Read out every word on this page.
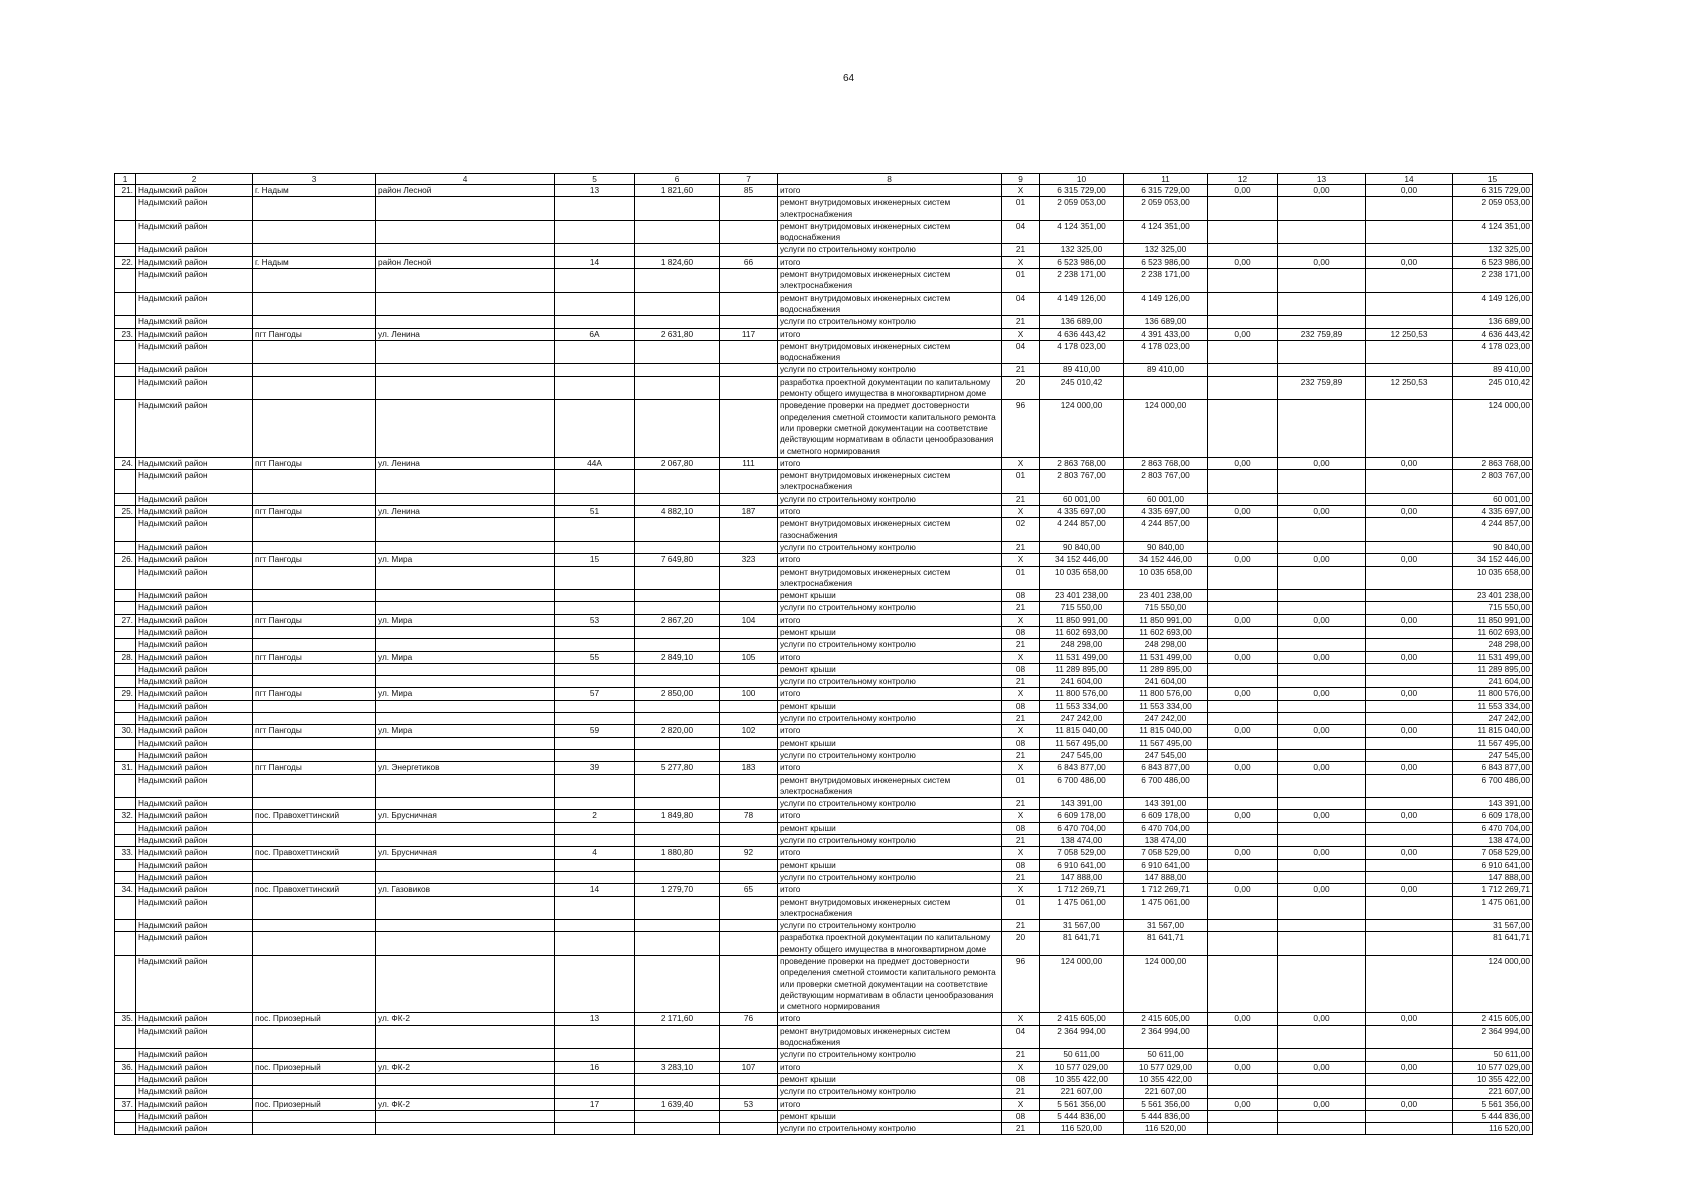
64
1	2	3	4	5	6	7	8	9	10	11	12	13	14	15
21.	Надымский район	г. Надым	район Лесной	13	1 821,60	85	итого	X	6 315 729,00	6 315 729,00	0,00	0,00	0,00	6 315 729,00
	Надымский район						ремонт внутридомовых инженерных систем электроснабжения	01	2 059 053,00	2 059 053,00				2 059 053,00
	Надымский район						ремонт внутридомовых инженерных систем водоснабжения	04	4 124 351,00	4 124 351,00				4 124 351,00
	Надымский район						услуги по строительному контролю	21	132 325,00	132 325,00				132 325,00
22.	Надымский район	г. Надым	район Лесной	14	1 824,60	66	итого	X	6 523 986,00	6 523 986,00	0,00	0,00	0,00	6 523 986,00
	Надымский район						ремонт внутридомовых инженерных систем электроснабжения	01	2 238 171,00	2 238 171,00				2 238 171,00
	Надымский район						ремонт внутридомовых инженерных систем водоснабжения	04	4 149 126,00	4 149 126,00				4 149 126,00
	Надымский район						услуги по строительному контролю	21	136 689,00	136 689,00				136 689,00
23.	Надымский район	пгт Пангоды	ул. Ленина	6А	2 631,80	117	итого	X	4 636 443,42	4 391 433,00	0,00	232 759,89	12 250,53	4 636 443,42
	Надымский район						ремонт внутридомовых инженерных систем водоснабжения	04	4 178 023,00	4 178 023,00				4 178 023,00
	Надымский район						услуги по строительному контролю	21	89 410,00	89 410,00				89 410,00
	Надымский район						разработка проектной документации по капитальному ремонту общего имущества в многоквартирном доме	20	245 010,42			232 759,89	12 250,53	245 010,42
	Надымский район						проведение проверки на предмет достоверности определения сметной стоимости капитального ремонта или проверки сметной документации на соответствие действующим нормативам в области ценообразования и сметного нормирования	96	124 000,00	124 000,00				124 000,00
24.	Надымский район	пгт Пангоды	ул. Ленина	44А	2 067,80	111	итого	X	2 863 768,00	2 863 768,00	0,00	0,00	0,00	2 863 768,00
	Надымский район						ремонт внутридомовых инженерных систем электроснабжения	01	2 803 767,00	2 803 767,00				2 803 767,00
	Надымский район						услуги по строительному контролю	21	60 001,00	60 001,00				60 001,00
25.	Надымский район	пгт Пангоды	ул. Ленина	51	4 882,10	187	итого	X	4 335 697,00	4 335 697,00	0,00	0,00	0,00	4 335 697,00
	Надымский район						ремонт внутридомовых инженерных систем газоснабжения	02	4 244 857,00	4 244 857,00				4 244 857,00
	Надымский район						услуги по строительному контролю	21	90 840,00	90 840,00				90 840,00
26.	Надымский район	пгт Пангоды	ул. Мира	15	7 649,80	323	итого	X	34 152 446,00	34 152 446,00	0,00	0,00	0,00	34 152 446,00
	Надымский район						ремонт внутридомовых инженерных систем электроснабжения	01	10 035 658,00	10 035 658,00				10 035 658,00
	Надымский район						ремонт крыши	08	23 401 238,00	23 401 238,00				23 401 238,00
	Надымский район						услуги по строительному контролю	21	715 550,00	715 550,00				715 550,00
27.	Надымский район	пгт Пангоды	ул. Мира	53	2 867,20	104	итого	X	11 850 991,00	11 850 991,00	0,00	0,00	0,00	11 850 991,00
	Надымский район						ремонт крыши	08	11 602 693,00	11 602 693,00				11 602 693,00
	Надымский район						услуги по строительному контролю	21	248 298,00	248 298,00				248 298,00
28.	Надымский район	пгт Пангоды	ул. Мира	55	2 849,10	105	итого	X	11 531 499,00	11 531 499,00	0,00	0,00	0,00	11 531 499,00
	Надымский район						ремонт крыши	08	11 289 895,00	11 289 895,00				11 289 895,00
	Надымский район						услуги по строительному контролю	21	241 604,00	241 604,00				241 604,00
29.	Надымский район	пгт Пангоды	ул. Мира	57	2 850,00	100	итого	X	11 800 576,00	11 800 576,00	0,00	0,00	0,00	11 800 576,00
	Надымский район						ремонт крыши	08	11 553 334,00	11 553 334,00				11 553 334,00
	Надымский район						услуги по строительному контролю	21	247 242,00	247 242,00				247 242,00
30.	Надымский район	пгт Пангоды	ул. Мира	59	2 820,00	102	итого	X	11 815 040,00	11 815 040,00	0,00	0,00	0,00	11 815 040,00
	Надымский район						ремонт крыши	08	11 567 495,00	11 567 495,00				11 567 495,00
	Надымский район						услуги по строительному контролю	21	247 545,00	247 545,00				247 545,00
31.	Надымский район	пгт Пангоды	ул. Энергетиков	39	5 277,80	183	итого	X	6 843 877,00	6 843 877,00	0,00	0,00	0,00	6 843 877,00
	Надымский район						ремонт внутридомовых инженерных систем электроснабжения	01	6 700 486,00	6 700 486,00				6 700 486,00
	Надымский район						услуги по строительному контролю	21	143 391,00	143 391,00				143 391,00
32.	Надымский район	пос. Правохеттинский	ул. Брусничная	2	1 849,80	78	итого	X	6 609 178,00	6 609 178,00	0,00	0,00	0,00	6 609 178,00
	Надымский район						ремонт крыши	08	6 470 704,00	6 470 704,00				6 470 704,00
	Надымский район						услуги по строительному контролю	21	138 474,00	138 474,00				138 474,00
33.	Надымский район	пос. Правохеттинский	ул. Брусничная	4	1 880,80	92	итого	X	7 058 529,00	7 058 529,00	0,00	0,00	0,00	7 058 529,00
	Надымский район						ремонт крыши	08	6 910 641,00	6 910 641,00				6 910 641,00
	Надымский район						услуги по строительному контролю	21	147 888,00	147 888,00				147 888,00
34.	Надымский район	пос. Правохеттинский	ул. Газовиков	14	1 279,70	65	итого	X	1 712 269,71	1 712 269,71	0,00	0,00	0,00	1 712 269,71
	Надымский район						ремонт внутридомовых инженерных систем электроснабжения	01	1 475 061,00	1 475 061,00				1 475 061,00
	Надымский район						услуги по строительному контролю	21	31 567,00	31 567,00				31 567,00
	Надымский район						разработка проектной документации по капитальному ремонту общего имущества в многоквартирном доме	20	81 641,71	81 641,71				81 641,71
	Надымский район						проведение проверки на предмет достоверности определения сметной стоимости капитального ремонта или проверки сметной документации на соответствие действующим нормативам в области ценообразования и сметного нормирования	96	124 000,00	124 000,00				124 000,00
35.	Надымский район	пос. Приозерный	ул. ФК-2	13	2 171,60	76	итого	X	2 415 605,00	2 415 605,00	0,00	0,00	0,00	2 415 605,00
	Надымский район						ремонт внутридомовых инженерных систем водоснабжения	04	2 364 994,00	2 364 994,00				2 364 994,00
	Надымский район						услуги по строительному контролю	21	50 611,00	50 611,00				50 611,00
36.	Надымский район	пос. Приозерный	ул. ФК-2	16	3 283,10	107	итого	X	10 577 029,00	10 577 029,00	0,00	0,00	0,00	10 577 029,00
	Надымский район						ремонт крыши	08	10 355 422,00	10 355 422,00				10 355 422,00
	Надымский район						услуги по строительному контролю	21	221 607,00	221 607,00				221 607,00
37.	Надымский район	пос. Приозерный	ул. ФК-2	17	1 639,40	53	итого	X	5 561 356,00	5 561 356,00	0,00	0,00	0,00	5 561 356,00
	Надымский район						ремонт крыши	08	5 444 836,00	5 444 836,00				5 444 836,00
	Надымский район						услуги по строительному контролю	21	116 520,00	116 520,00				116 520,00
